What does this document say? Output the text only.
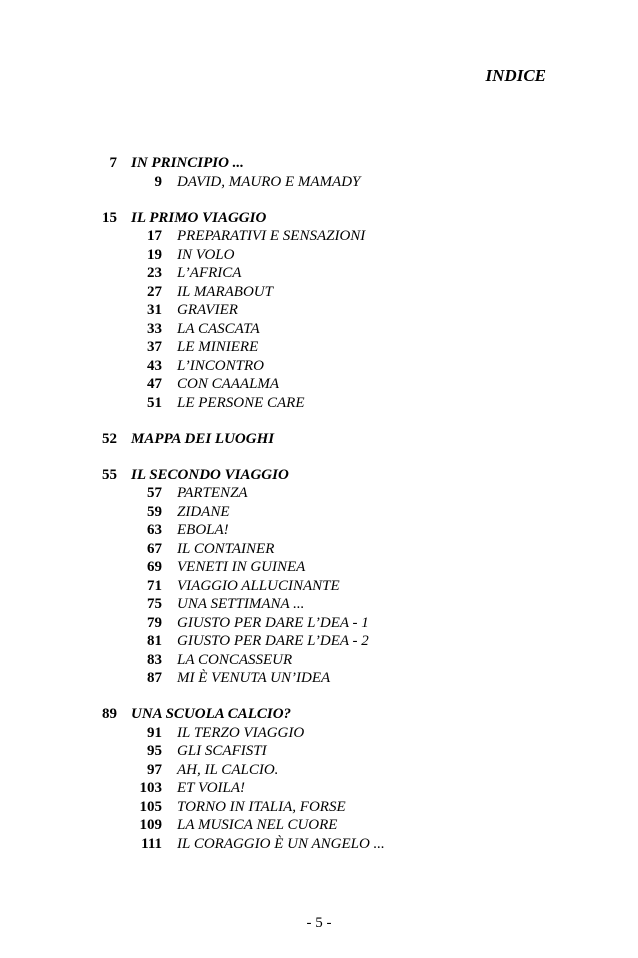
INDICE
7 IN PRINCIPIO ...
9	DAVID, MAURO E MAMADY
15 IL PRIMO VIAGGIO
17	PREPARATIVI E SENSAZIONI
19	IN VOLO
23	L’AFRICA
27	IL MARABOUT
31	GRAVIER
33	LA CASCATA
37	LE MINIERE
43	L’INCONTRO
47	CON CAAALMA
51	LE PERSONE CARE
52 MAPPA DEI LUOGHI
55 IL SECONDO VIAGGIO
57	PARTENZA
59	ZIDANE
63	EBOLA!
67	IL CONTAINER
69	VENETI IN GUINEA
71	VIAGGIO ALLUCINANTE
75	UNA SETTIMANA ...
79	GIUSTO PER DARE L’DEA - 1
81	GIUSTO PER DARE L’DEA - 2
83	LA CONCASSEUR
87	MI È VENUTA UN’IDEA
89 UNA SCUOLA CALCIO?
91	IL TERZO VIAGGIO
95	GLI SCAFISTI
97	AH, IL CALCIO.
103	ET VOILA!
105	TORNO IN ITALIA, FORSE
109	LA MUSICA NEL CUORE
111	IL CORAGGIO È UN ANGELO ...
- 5 -
